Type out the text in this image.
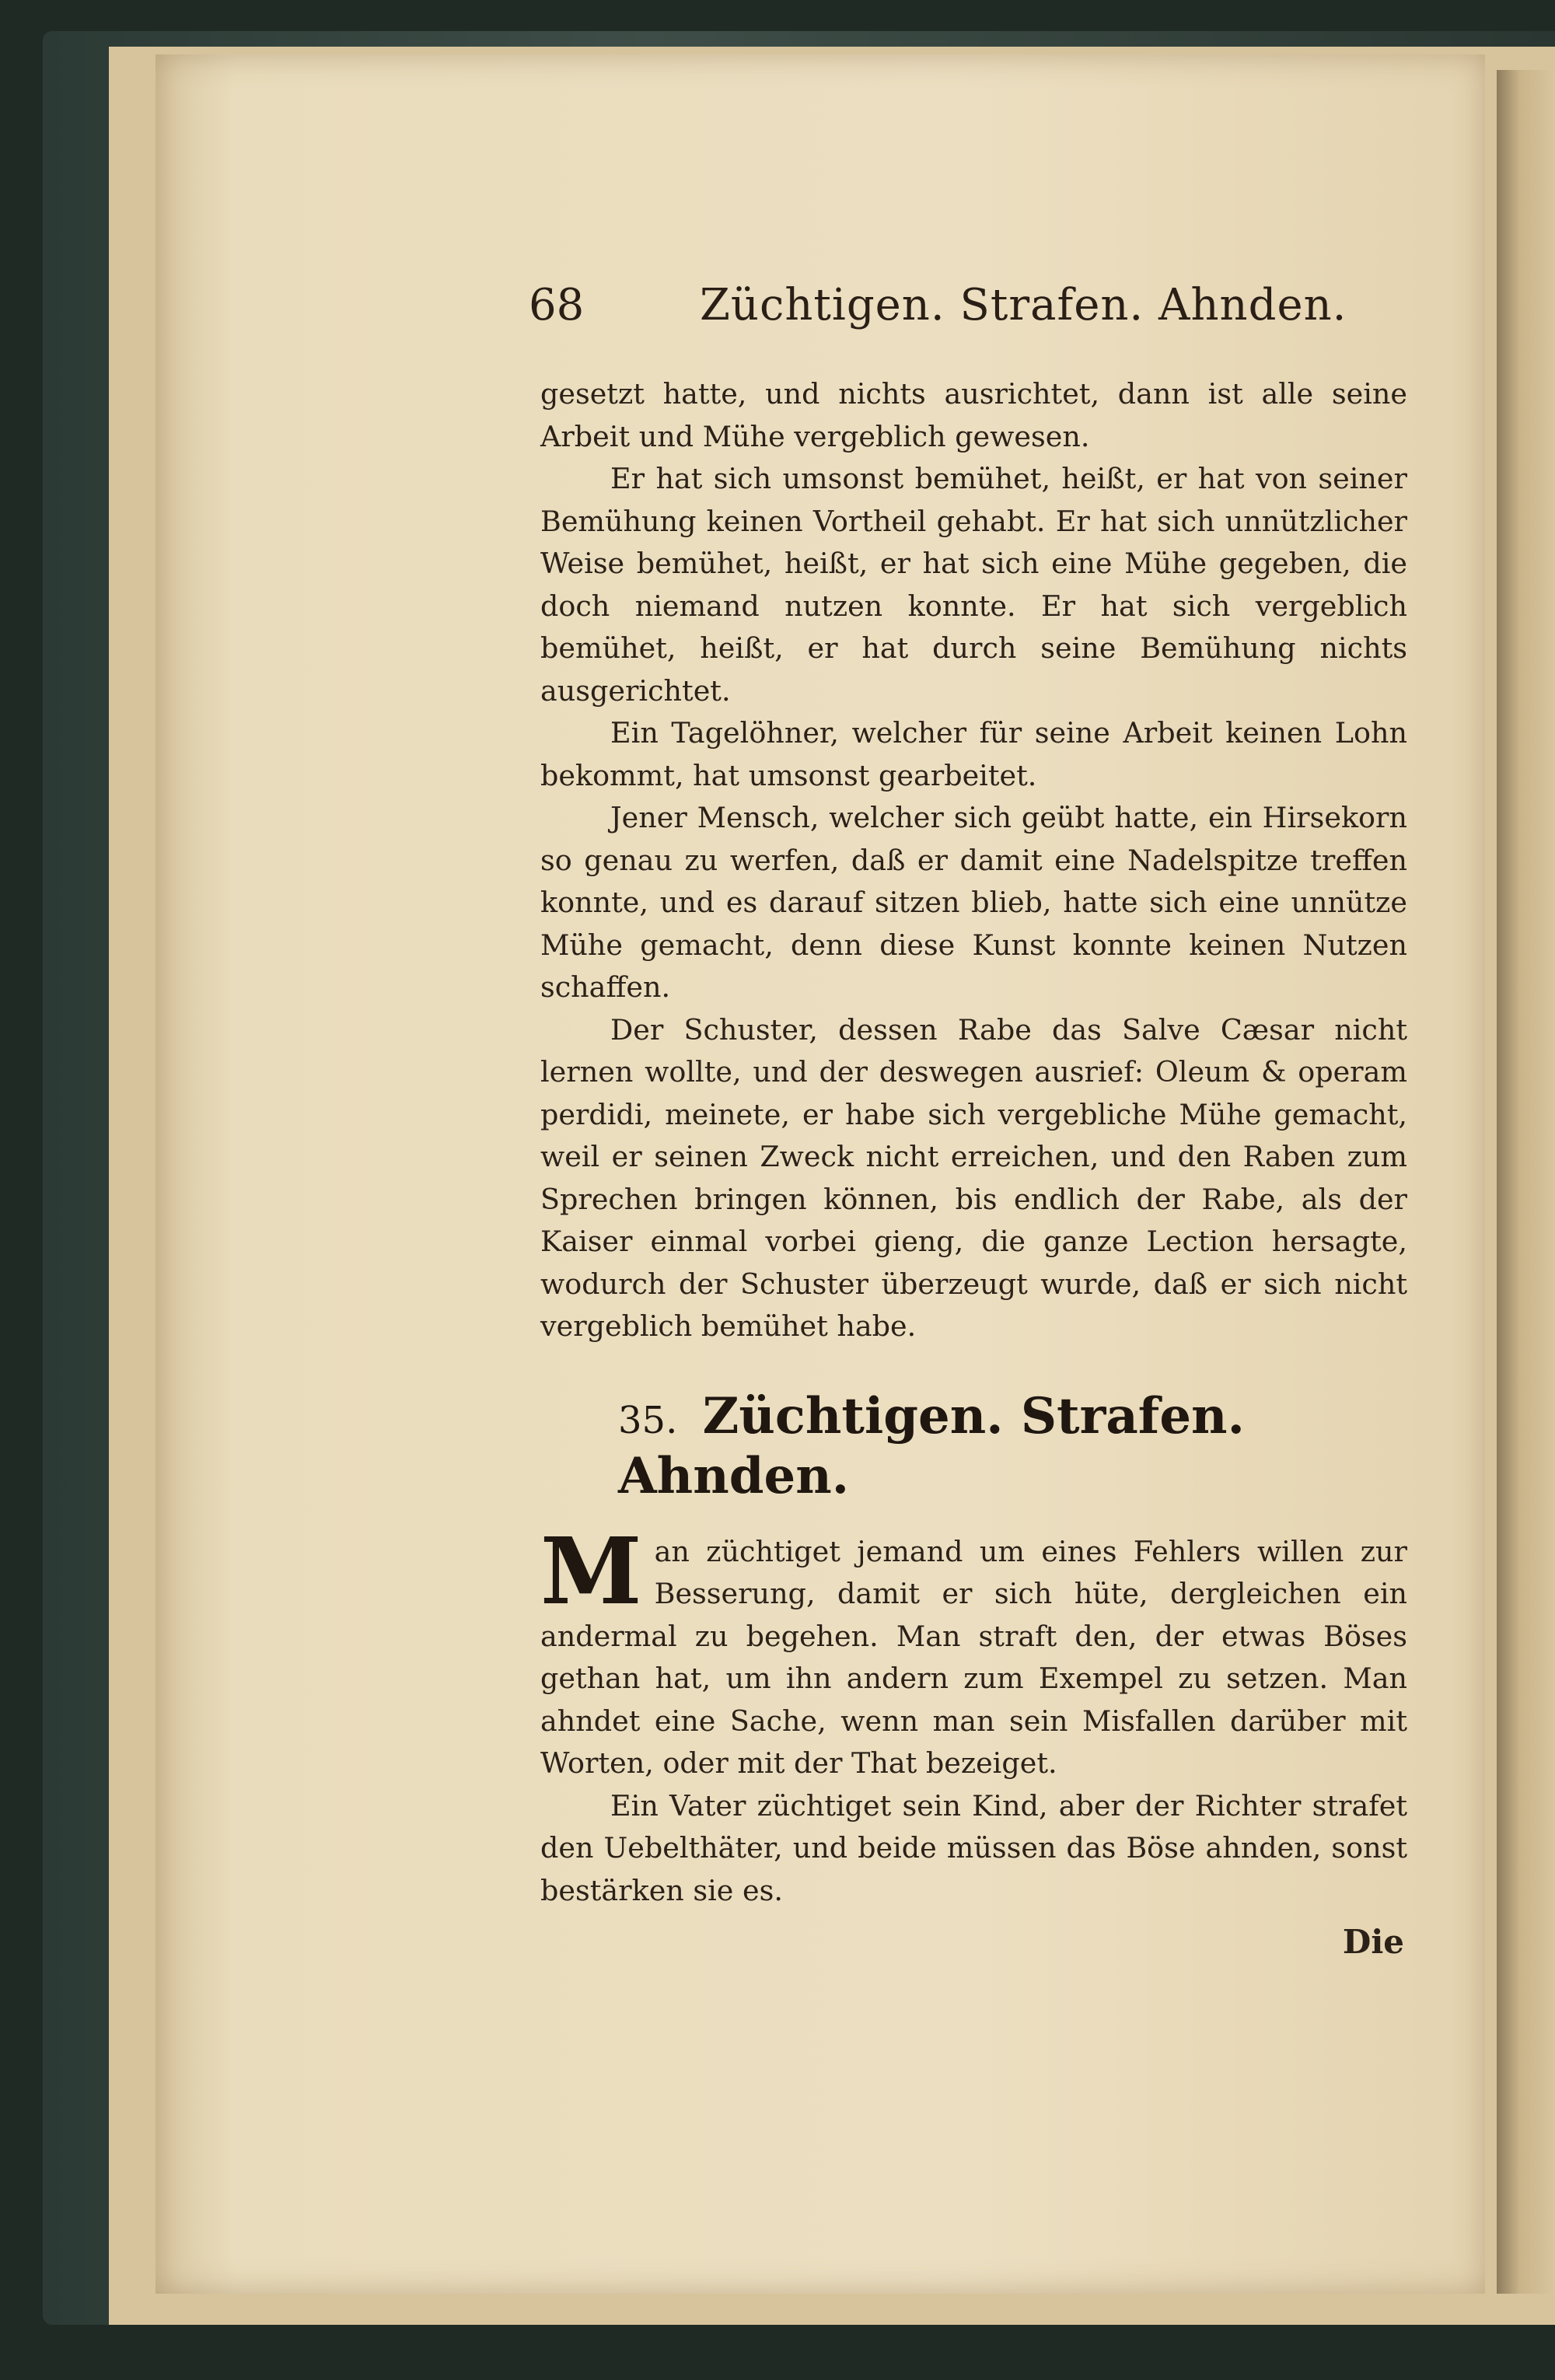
68	Züchtigen. Strafen. Ahnden.

gesetzt hatte, und nichts ausrichtet, dann ist alle seine Arbeit und Mühe vergeblich gewesen.

Er hat sich umsonst bemühet, heißt, er hat von seiner Bemühung keinen Vortheil gehabt. Er hat sich unnützlicher Weise bemühet, heißt, er hat sich eine Mühe gegeben, die doch niemand nutzen konnte. Er hat sich vergeblich bemühet, heißt, er hat durch seine Bemühung nichts ausgerichtet.

Ein Tagelöhner, welcher für seine Arbeit keinen Lohn bekommt, hat umsonst gearbeitet.

Jener Mensch, welcher sich geübt hatte, ein Hirsekorn so genau zu werfen, daß er damit eine Nadelspitze treffen konnte, und es darauf sitzen blieb, hatte sich eine unnütze Mühe gemacht, denn diese Kunst konnte keinen Nutzen schaffen.

Der Schuster, dessen Rabe das Salve Cæsar nicht lernen wollte, und der deswegen ausrief: Oleum & operam perdidi, meinete, er habe sich vergebliche Mühe gemacht, weil er seinen Zweck nicht erreichen, und den Raben zum Sprechen bringen können, bis endlich der Rabe, als der Kaiser einmal vorbei gieng, die ganze Lection hersagte, wodurch der Schuster überzeugt wurde, daß er sich nicht vergeblich bemühet habe.

35. Züchtigen. Strafen. Ahnden.

Man züchtiget jemand um eines Fehlers willen zur Besserung, damit er sich hüte, dergleichen ein andermal zu begehen. Man straft den, der etwas Böses gethan hat, um ihn andern zum Exempel zu setzen. Man ahndet eine Sache, wenn man sein Misfallen darüber mit Worten, oder mit der That bezeiget.

Ein Vater züchtiget sein Kind, aber der Richter strafet den Uebelthäter, und beide müssen das Böse ahnden, sonst bestärken sie es.

Die
